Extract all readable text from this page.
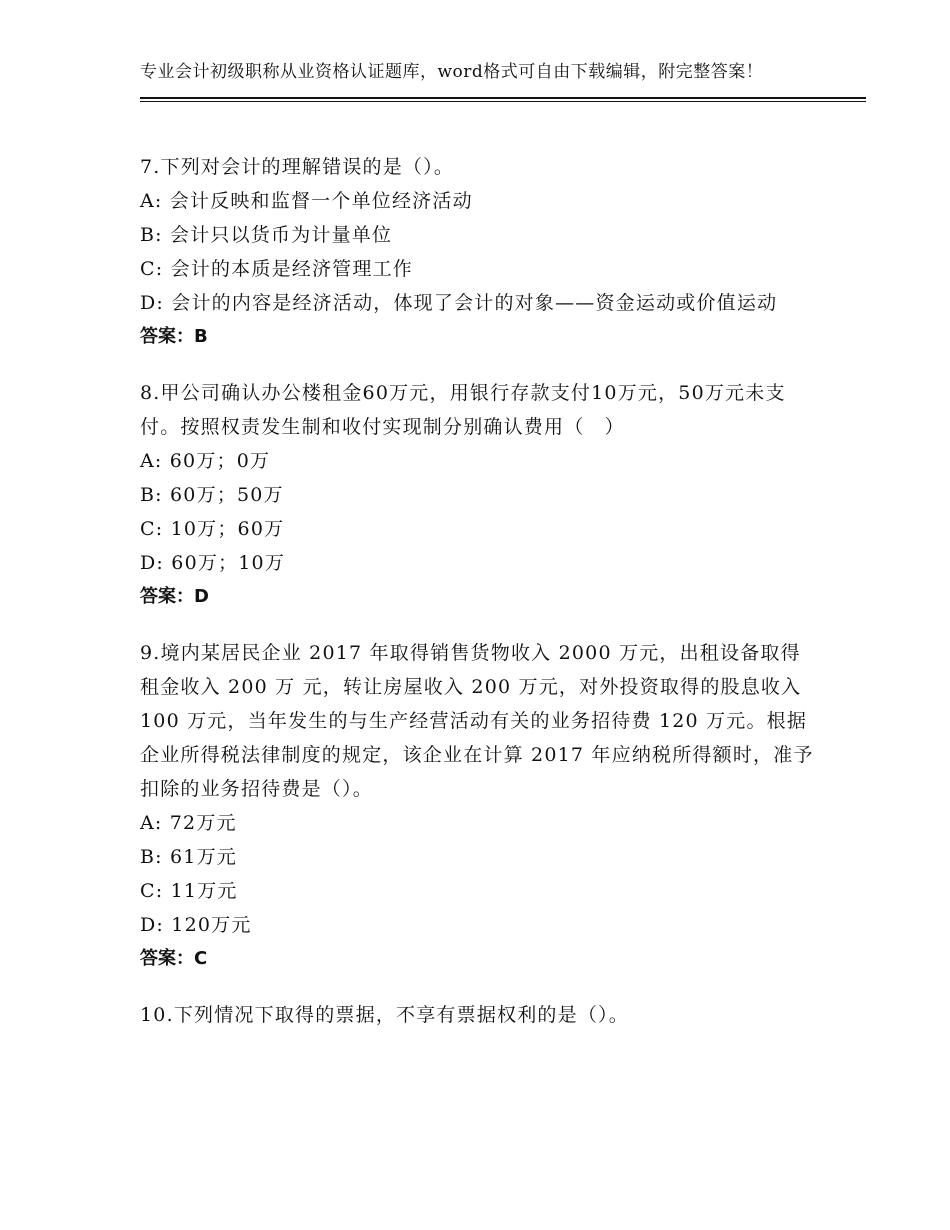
专业会计初级职称从业资格认证题库，word格式可自由下载编辑，附完整答案！
7.下列对会计的理解错误的是（）。
A: 会计反映和监督一个单位经济活动
B: 会计只以货币为计量单位
C: 会计的本质是经济管理工作
D: 会计的内容是经济活动，体现了会计的对象——资金运动或价值运动
答案：B
8.甲公司确认办公楼租金60万元，用银行存款支付10万元，50万元未支付。按照权责发生制和收付实现制分别确认费用（　）
A: 60万；0万
B: 60万；50万
C: 10万；60万
D: 60万；10万
答案：D
9.境内某居民企业 2017 年取得销售货物收入 2000 万元，出租设备取得租金收入 200 万 元，转让房屋收入 200 万元，对外投资取得的股息收入 100 万元，当年发生的与生产经营活动有关的业务招待费 120 万元。根据企业所得税法律制度的规定，该企业在计算 2017 年应纳税所得额时，准予扣除的业务招待费是（）。
A: 72万元
B: 61万元
C: 11万元
D: 120万元
答案：C
10.下列情况下取得的票据，不享有票据权利的是（）。
